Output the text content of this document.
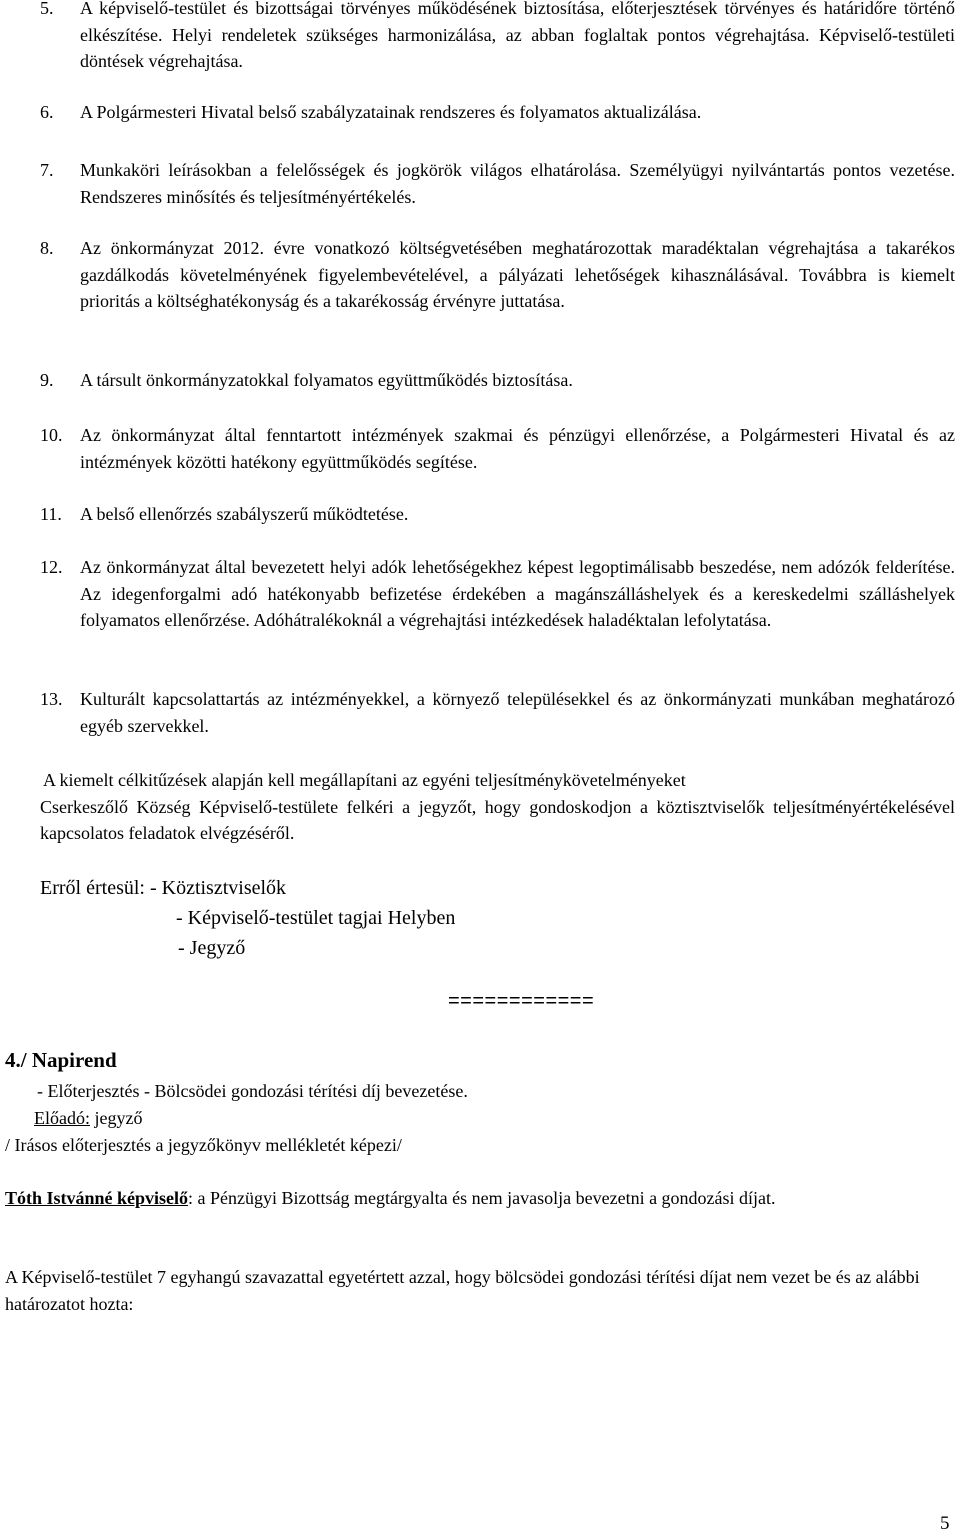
5. A képviselő-testület és bizottságai törvényes működésének biztosítása, előterjesztések törvényes és határidőre történő elkészítése. Helyi rendeletek szükséges harmonizálása, az abban foglaltak pontos végrehajtása. Képviselő-testületi döntések végrehajtása.
6. A Polgármesteri Hivatal belső szabályzatainak rendszeres és folyamatos aktualizálása.
7. Munkaköri leírásokban a felelősségek és jogkörök világos elhatárolása. Személyügyi nyilvántartás pontos vezetése. Rendszeres minősítés és teljesítményértékelés.
8. Az önkormányzat 2012. évre vonatkozó költségvetésében meghatározottak maradéktalan végrehajtása a takarékos gazdálkodás követelményének figyelembevételével, a pályázati lehetőségek kihasználásával. Továbbra is kiemelt prioritás a költséghatékonyság és a takarékosság érvényre juttatása.
9. A társult önkormányzatokkal folyamatos együttműködés biztosítása.
10. Az önkormányzat által fenntartott intézmények szakmai és pénzügyi ellenőrzése, a Polgármesteri Hivatal és az intézmények közötti hatékony együttműködés segítése.
11. A belső ellenőrzés szabályszerű működtetése.
12. Az önkormányzat által bevezetett helyi adók lehetőségekhez képest legoptimálisabb beszedése, nem adózók felderítése. Az idegenforgalmi adó hatékonyabb befizetése érdekében a magánszálláshelyek és a kereskedelmi szálláshelyek folyamatos ellenőrzése. Adóhátralékoknál a végrehajtási intézkedések haladéktalan lefolytatása.
13. Kulturált kapcsolattartás az intézményekkel, a környező településekkel és az önkormányzati munkában meghatározó egyéb szervekkel.
A kiemelt célkitűzések alapján kell megállapítani az egyéni teljesítménykövetelményeket
Cserkeszőlő Község Képviselő-testülete felkéri a jegyzőt, hogy gondoskodjon a köztisztviselők teljesítményértékelésével kapcsolatos feladatok elvégzéséről.
Erről értesül: - Köztisztviselők
- Képviselő-testület tagjai Helyben
- Jegyző
============
4./ Napirend
- Előterjesztés - Bölcsödei gondozási térítési díj bevezetése.
Előadó: jegyző
/ Irásos előterjesztés a jegyzőkönyv mellékletét képezi/
Tóth Istvánné képviselő: a Pénzügyi Bizottság megtárgyalta és nem javasolja bevezetni a gondozási díjat.
A Képviselő-testület 7 egyhangú szavazattal egyetértett azzal, hogy bölcsödei gondozási térítési díjat nem vezet be és az alábbi határozatot hozta:
5
